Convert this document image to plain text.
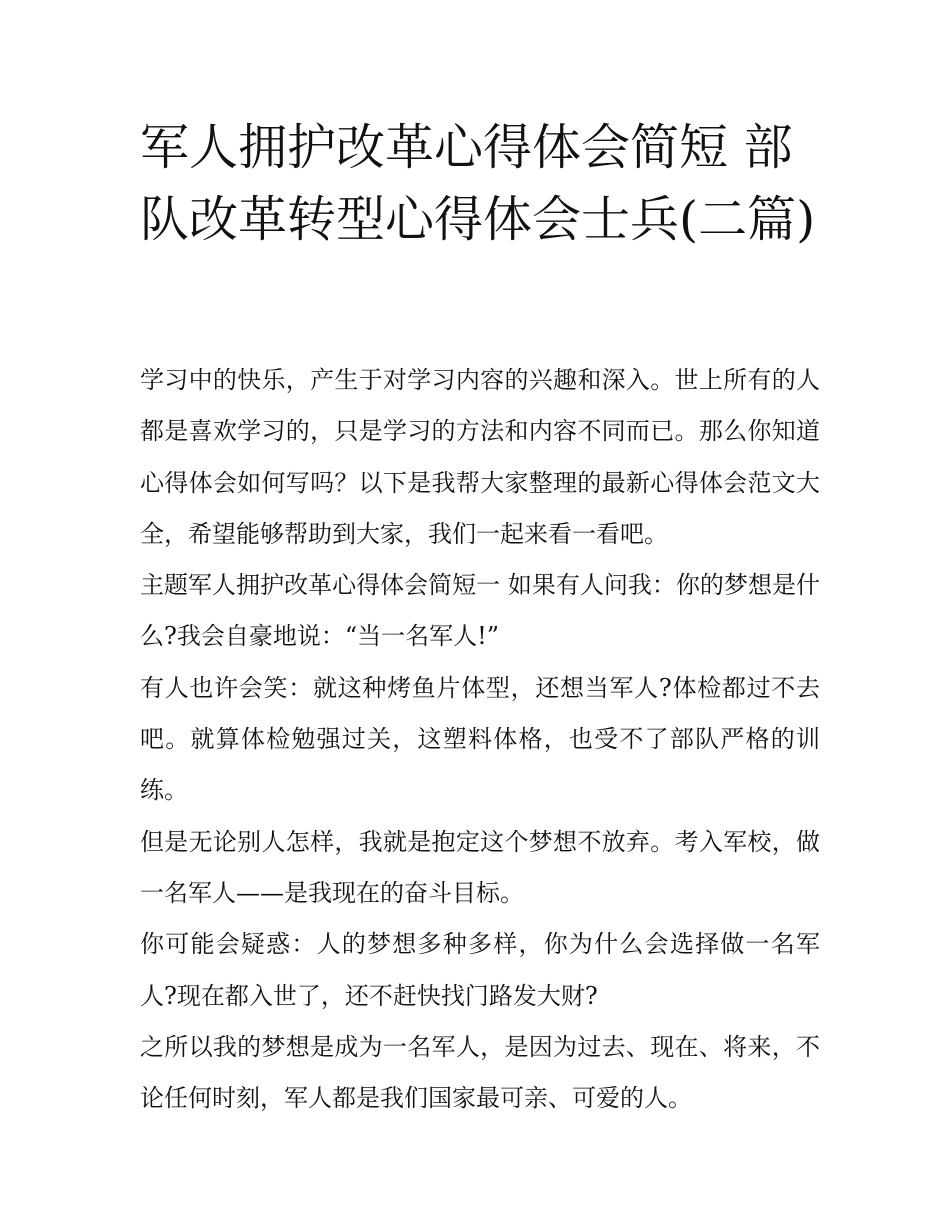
军人拥护改革心得体会简短 部队改革转型心得体会士兵(二篇)

学习中的快乐，产生于对学习内容的兴趣和深入。世上所有的人都是喜欢学习的，只是学习的方法和内容不同而已。那么你知道心得体会如何写吗？以下是我帮大家整理的最新心得体会范文大全，希望能够帮助到大家，我们一起来看一看吧。

主题军人拥护改革心得体会简短一 如果有人问我：你的梦想是什么?我会自豪地说：“当一名军人!”

有人也许会笑：就这种烤鱼片体型，还想当军人?体检都过不去吧。就算体检勉强过关，这塑料体格，也受不了部队严格的训练。

但是无论别人怎样，我就是抱定这个梦想不放弃。考入军校，做一名军人——是我现在的奋斗目标。

你可能会疑惑：人的梦想多种多样，你为什么会选择做一名军人?现在都入世了，还不赶快找门路发大财?

之所以我的梦想是成为一名军人，是因为过去、现在、将来，不论任何时刻，军人都是我们国家最可亲、可爱的人。
